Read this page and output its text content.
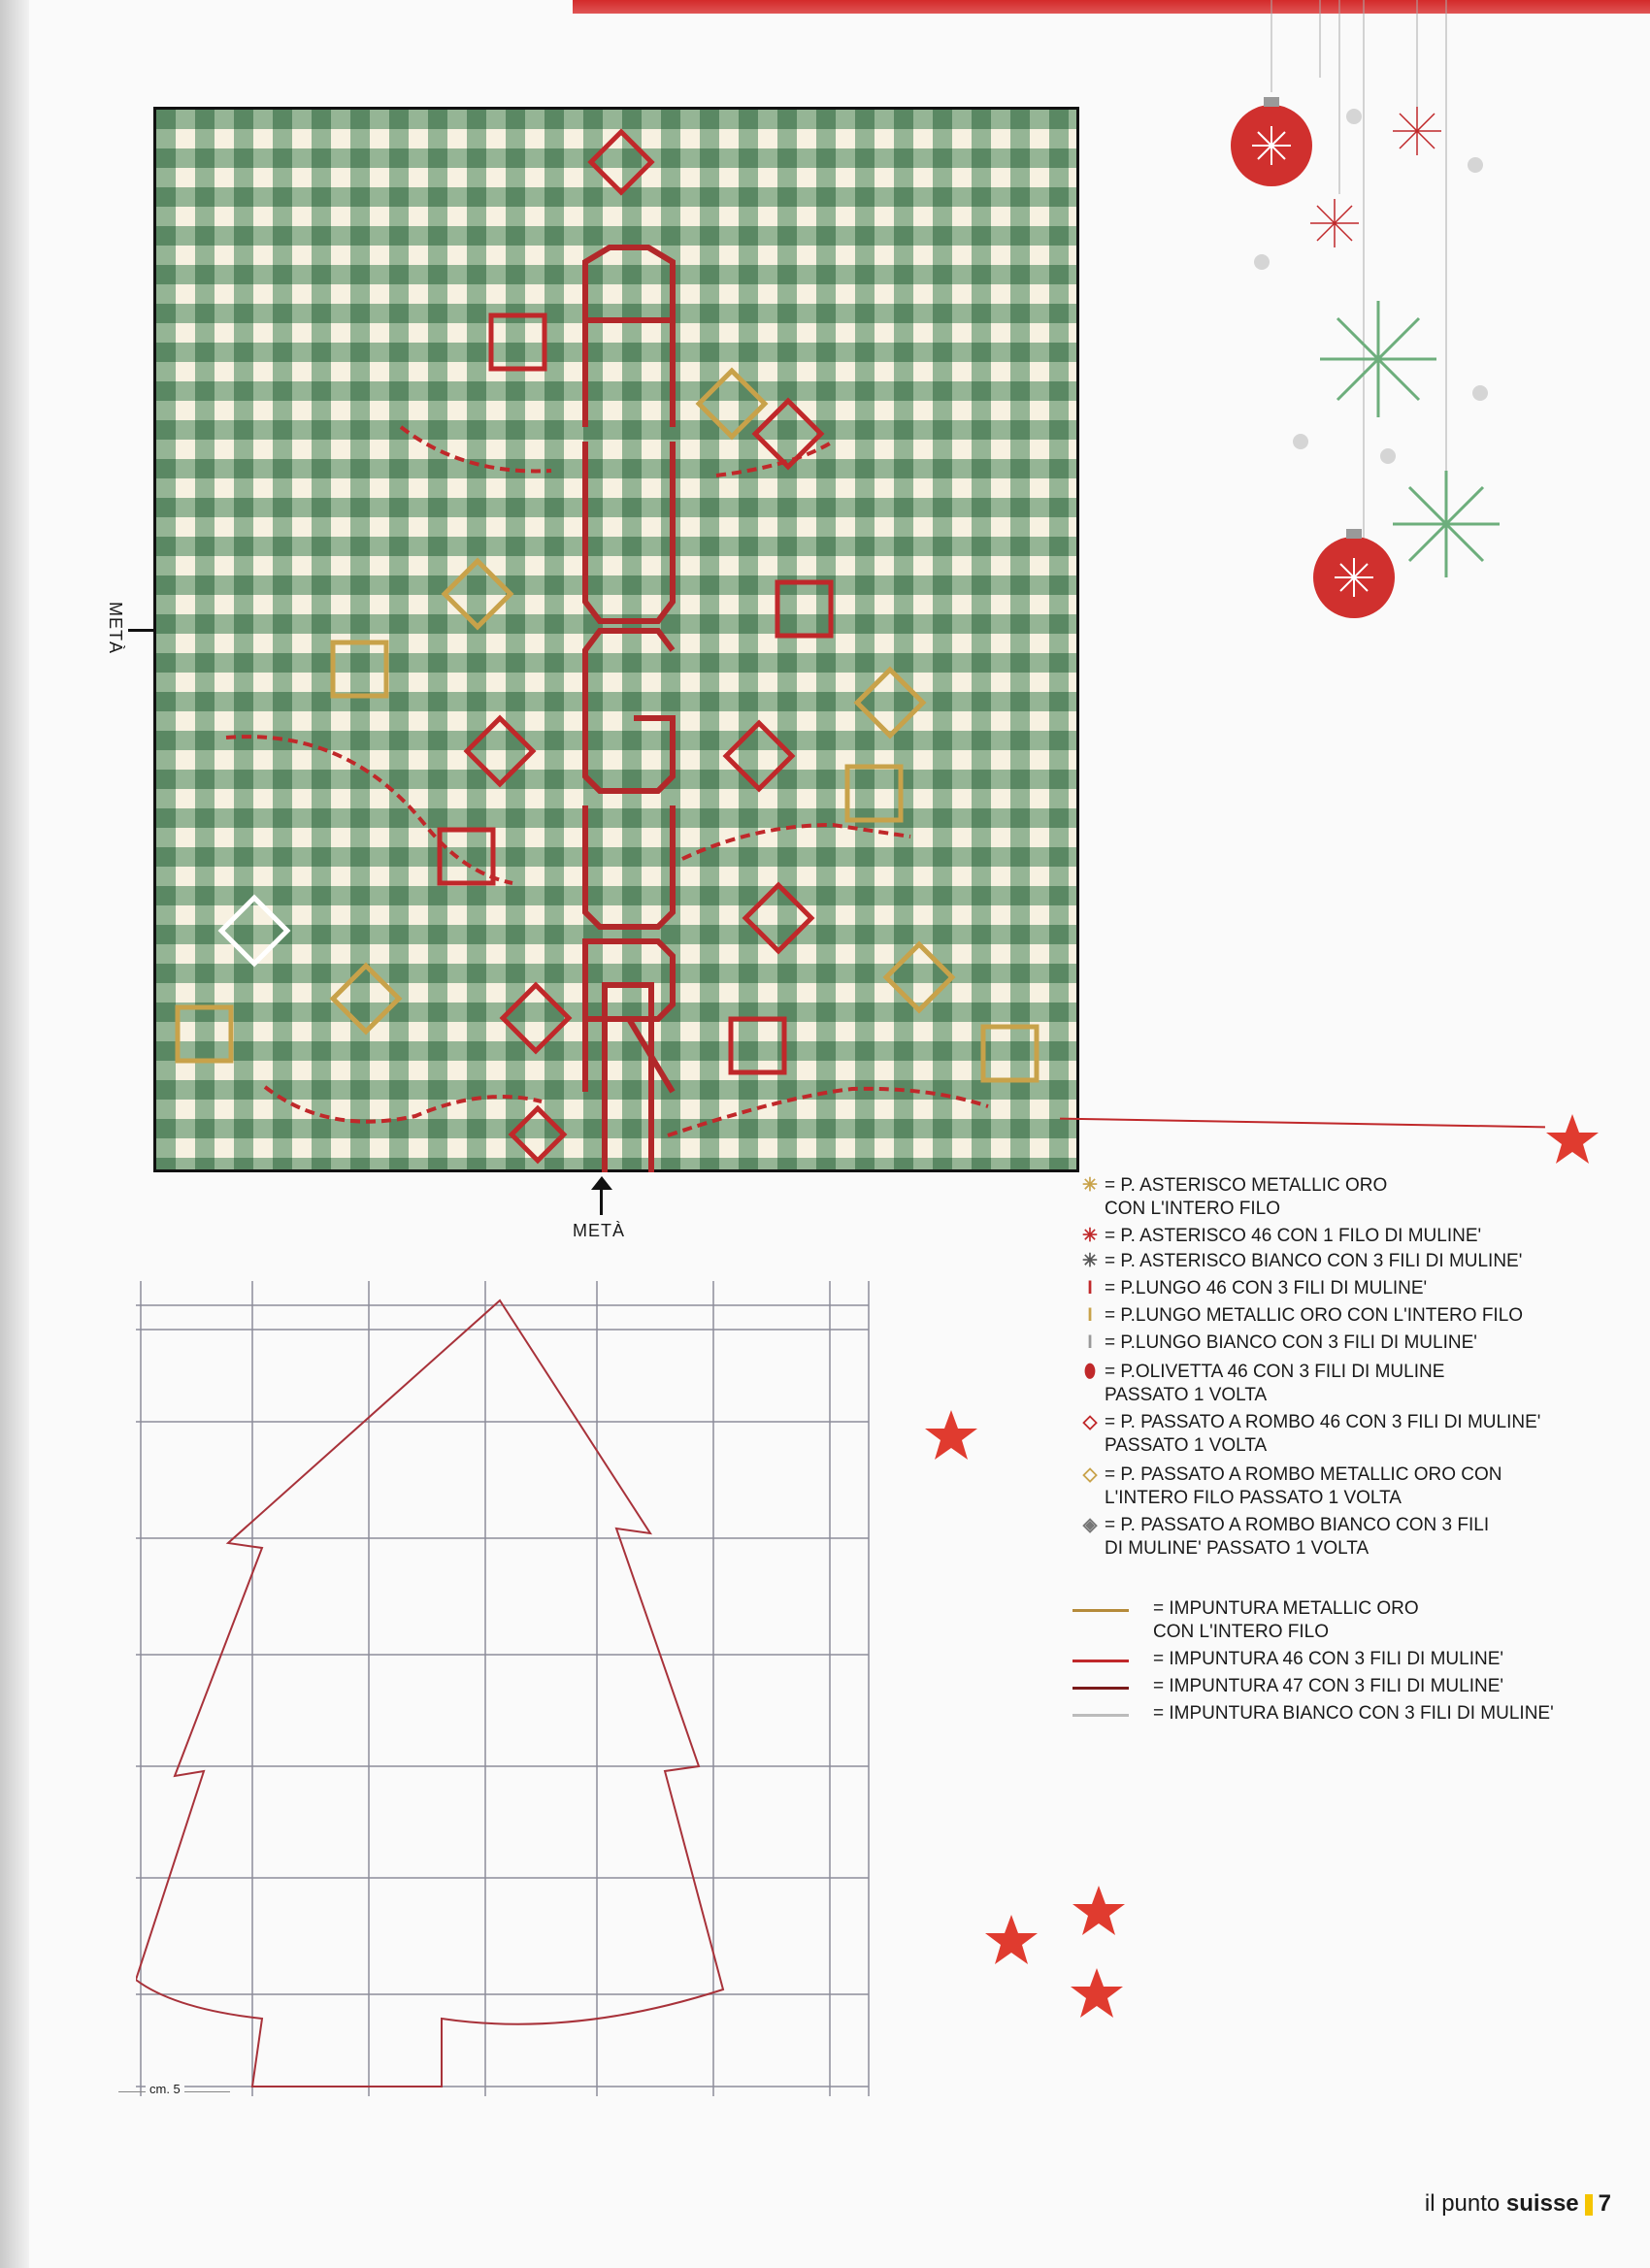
METÀ
METÀ
✳ = P. ASTERISCO METALLIC ORO
CON L'INTERO FILO
✳ = P. ASTERISCO 46 CON 1 FILO DI MULINE'
✳ = P. ASTERISCO BIANCO CON 3 FILI DI MULINE'
I = P.LUNGO 46 CON 3 FILI DI MULINE'
I = P.LUNGO METALLIC ORO CON L'INTERO FILO
I = P.LUNGO BIANCO CON 3 FILI DI MULINE'
⬮ = P.OLIVETTA 46 CON 3 FILI DI MULINE
PASSATO 1 VOLTA
◇ = P. PASSATO A ROMBO 46 CON 3 FILI DI MULINE'
PASSATO 1 VOLTA
◇ = P. PASSATO A ROMBO METALLIC ORO CON
L'INTERO FILO PASSATO 1 VOLTA
◈ = P. PASSATO A ROMBO BIANCO CON 3 FILI
DI MULINE' PASSATO 1 VOLTA
= IMPUNTURA METALLIC ORO
CON L'INTERO FILO
= IMPUNTURA 46 CON 3 FILI DI MULINE'
= IMPUNTURA 47 CON 3 FILI DI MULINE'
= IMPUNTURA BIANCO CON 3 FILI DI MULINE'
cm. 5
il punto suisse 7
